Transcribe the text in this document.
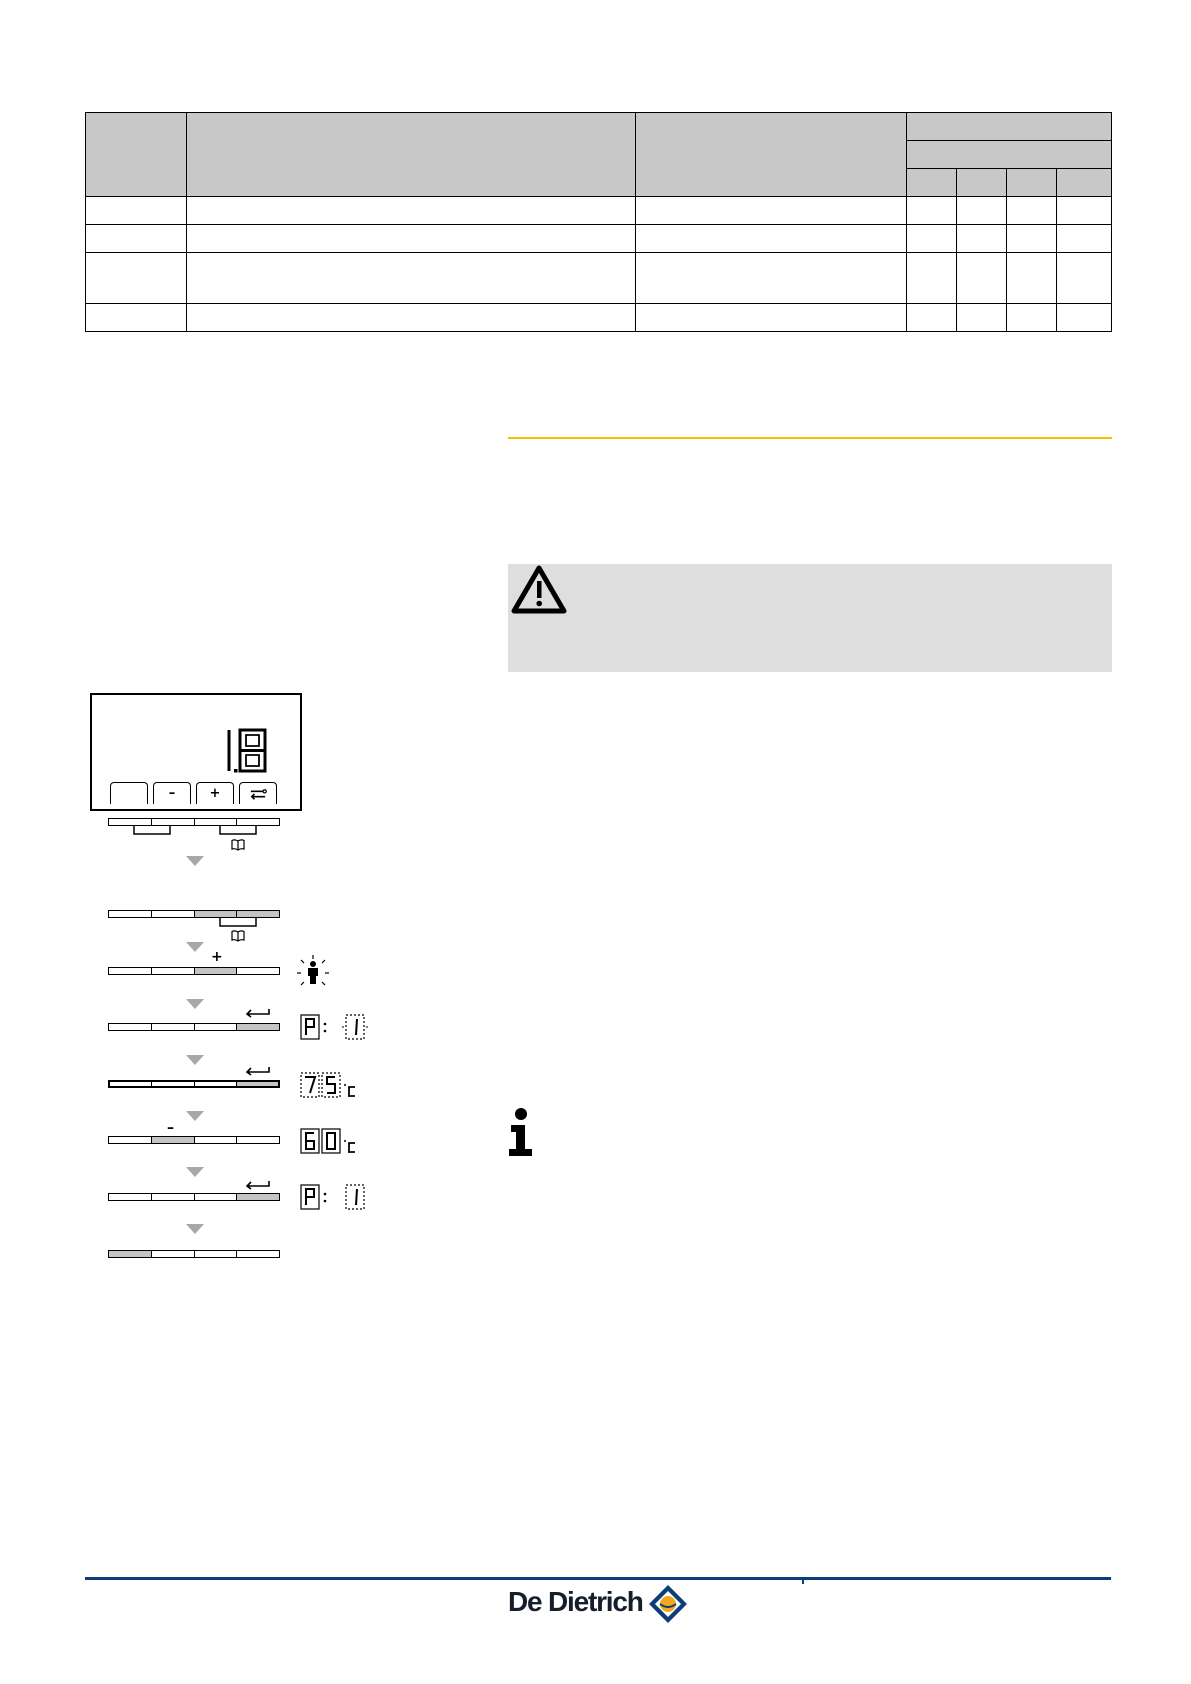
–	+
+
–
De Dietrich
